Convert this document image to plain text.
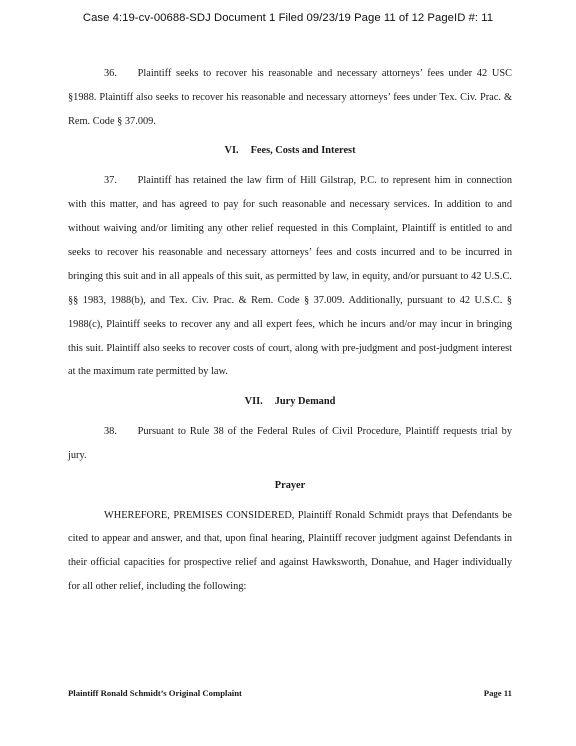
Case 4:19-cv-00688-SDJ Document 1 Filed 09/23/19 Page 11 of 12 PageID #: 11

36.  Plaintiff seeks to recover his reasonable and necessary attorneys’ fees under 42 USC §1988. Plaintiff also seeks to recover his reasonable and necessary attorneys’ fees under Tex. Civ. Prac. & Rem. Code § 37.009.

VI. Fees, Costs and Interest

37.  Plaintiff has retained the law firm of Hill Gilstrap, P.C. to represent him in connection with this matter, and has agreed to pay for such reasonable and necessary services. In addition to and without waiving and/or limiting any other relief requested in this Complaint, Plaintiff is entitled to and seeks to recover his reasonable and necessary attorneys’ fees and costs incurred and to be incurred in bringing this suit and in all appeals of this suit, as permitted by law, in equity, and/or pursuant to 42 U.S.C. §§ 1983, 1988(b), and Tex. Civ. Prac. & Rem. Code § 37.009. Additionally, pursuant to 42 U.S.C. § 1988(c), Plaintiff seeks to recover any and all expert fees, which he incurs and/or may incur in bringing this suit. Plaintiff also seeks to recover costs of court, along with pre-judgment and post-judgment interest at the maximum rate permitted by law.

VII. Jury Demand

38.  Pursuant to Rule 38 of the Federal Rules of Civil Procedure, Plaintiff requests trial by jury.

Prayer

WHEREFORE, PREMISES CONSIDERED, Plaintiff Ronald Schmidt prays that Defendants be cited to appear and answer, and that, upon final hearing, Plaintiff recover judgment against Defendants in their official capacities for prospective relief and against Hawksworth, Donahue, and Hager individually for all other relief, including the following:

Plaintiff Ronald Schmidt’s Original Complaint	Page 11
